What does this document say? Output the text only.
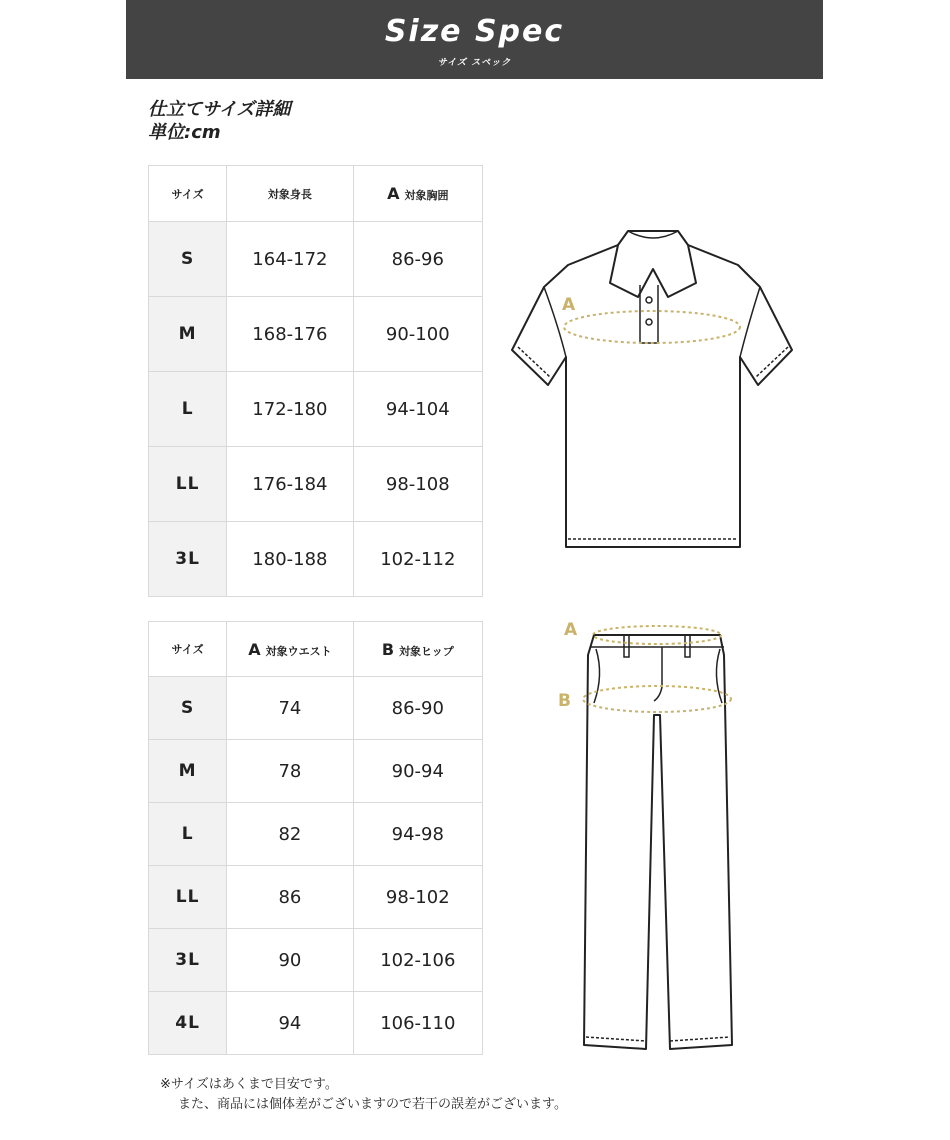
Size Spec
サイズ スペック
仕立てサイズ詳細
単位:cm
サイズ	対象身長	A 対象胸囲
S	164-172	86-96
M	168-176	90-100
L	172-180	94-104
LL	176-184	98-108
3L	180-188	102-112
サイズ	A 対象ウエスト	B 対象ヒップ
S	74	86-90
M	78	90-94
L	82	94-98
LL	86	98-102
3L	90	102-106
4L	94	106-110
A
A
B
※サイズはあくまで目安です。
また、商品には個体差がございますので若干の誤差がございます。
